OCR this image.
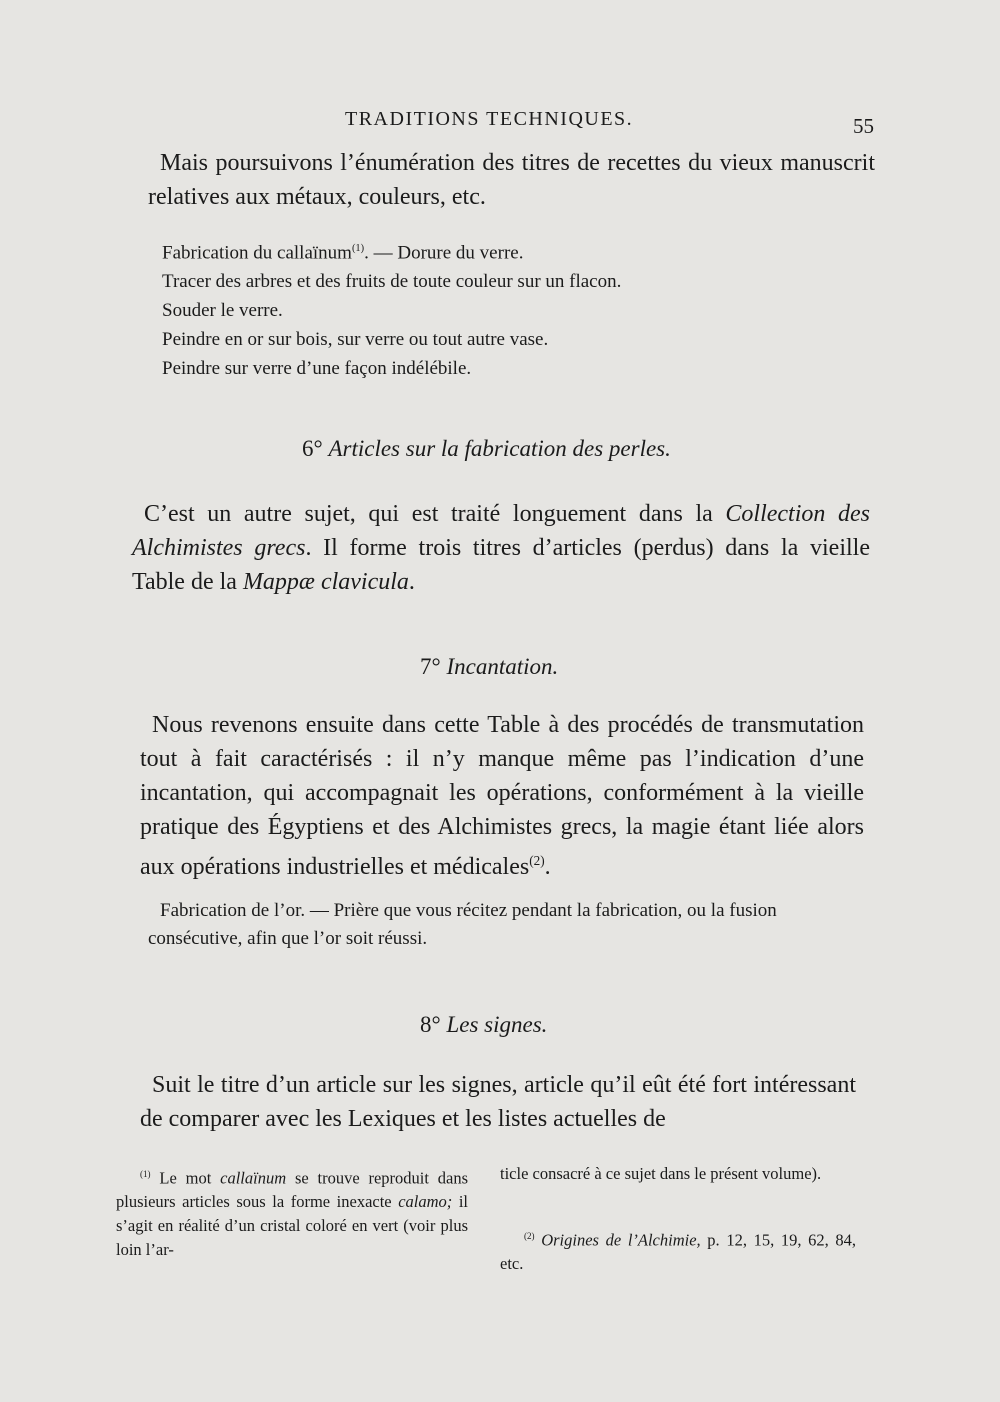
TRADITIONS TECHNIQUES.	55
Mais poursuivons l’énumération des titres de recettes du vieux manuscrit relatives aux métaux, couleurs, etc.
Fabrication du callaïnum$^{(1)}$. — Dorure du verre.
Tracer des arbres et des fruits de toute couleur sur un flacon.
Souder le verre.
Peindre en or sur bois, sur verre ou tout autre vase.
Peindre sur verre d’une façon indélébile.
6° Articles sur la fabrication des perles.
C’est un autre sujet, qui est traité longuement dans la Collection des Alchimistes grecs. Il forme trois titres d’articles (perdus) dans la vieille Table de la Mappæ clavicula.
7° Incantation.
Nous revenons ensuite dans cette Table à des procédés de transmutation tout à fait caractérisés : il n’y manque même pas l’indication d’une incantation, qui accompagnait les opérations, conformément à la vieille pratique des Égyptiens et des Alchimistes grecs, la magie étant liée alors aux opérations industrielles et médicales$^{(2)}$.
Fabrication de l’or. — Prière que vous récitez pendant la fabrication, ou la fusion consécutive, afin que l’or soit réussi.
8° Les signes.
Suit le titre d’un article sur les signes, article qu’il eût été fort intéressant de comparer avec les Lexiques et les listes actuelles de
$^{(1)}$ Le mot callaïnum se trouve reproduit dans plusieurs articles sous la forme inexacte calamo; il s’agit en réalité d’un cristal coloré en vert (voir plus loin l’ar-
$^{(2)}$ Origines de l’Alchimie, p. 12, 15, 19, 62, 84, etc.
ticle consacré à ce sujet dans le présent volume).
